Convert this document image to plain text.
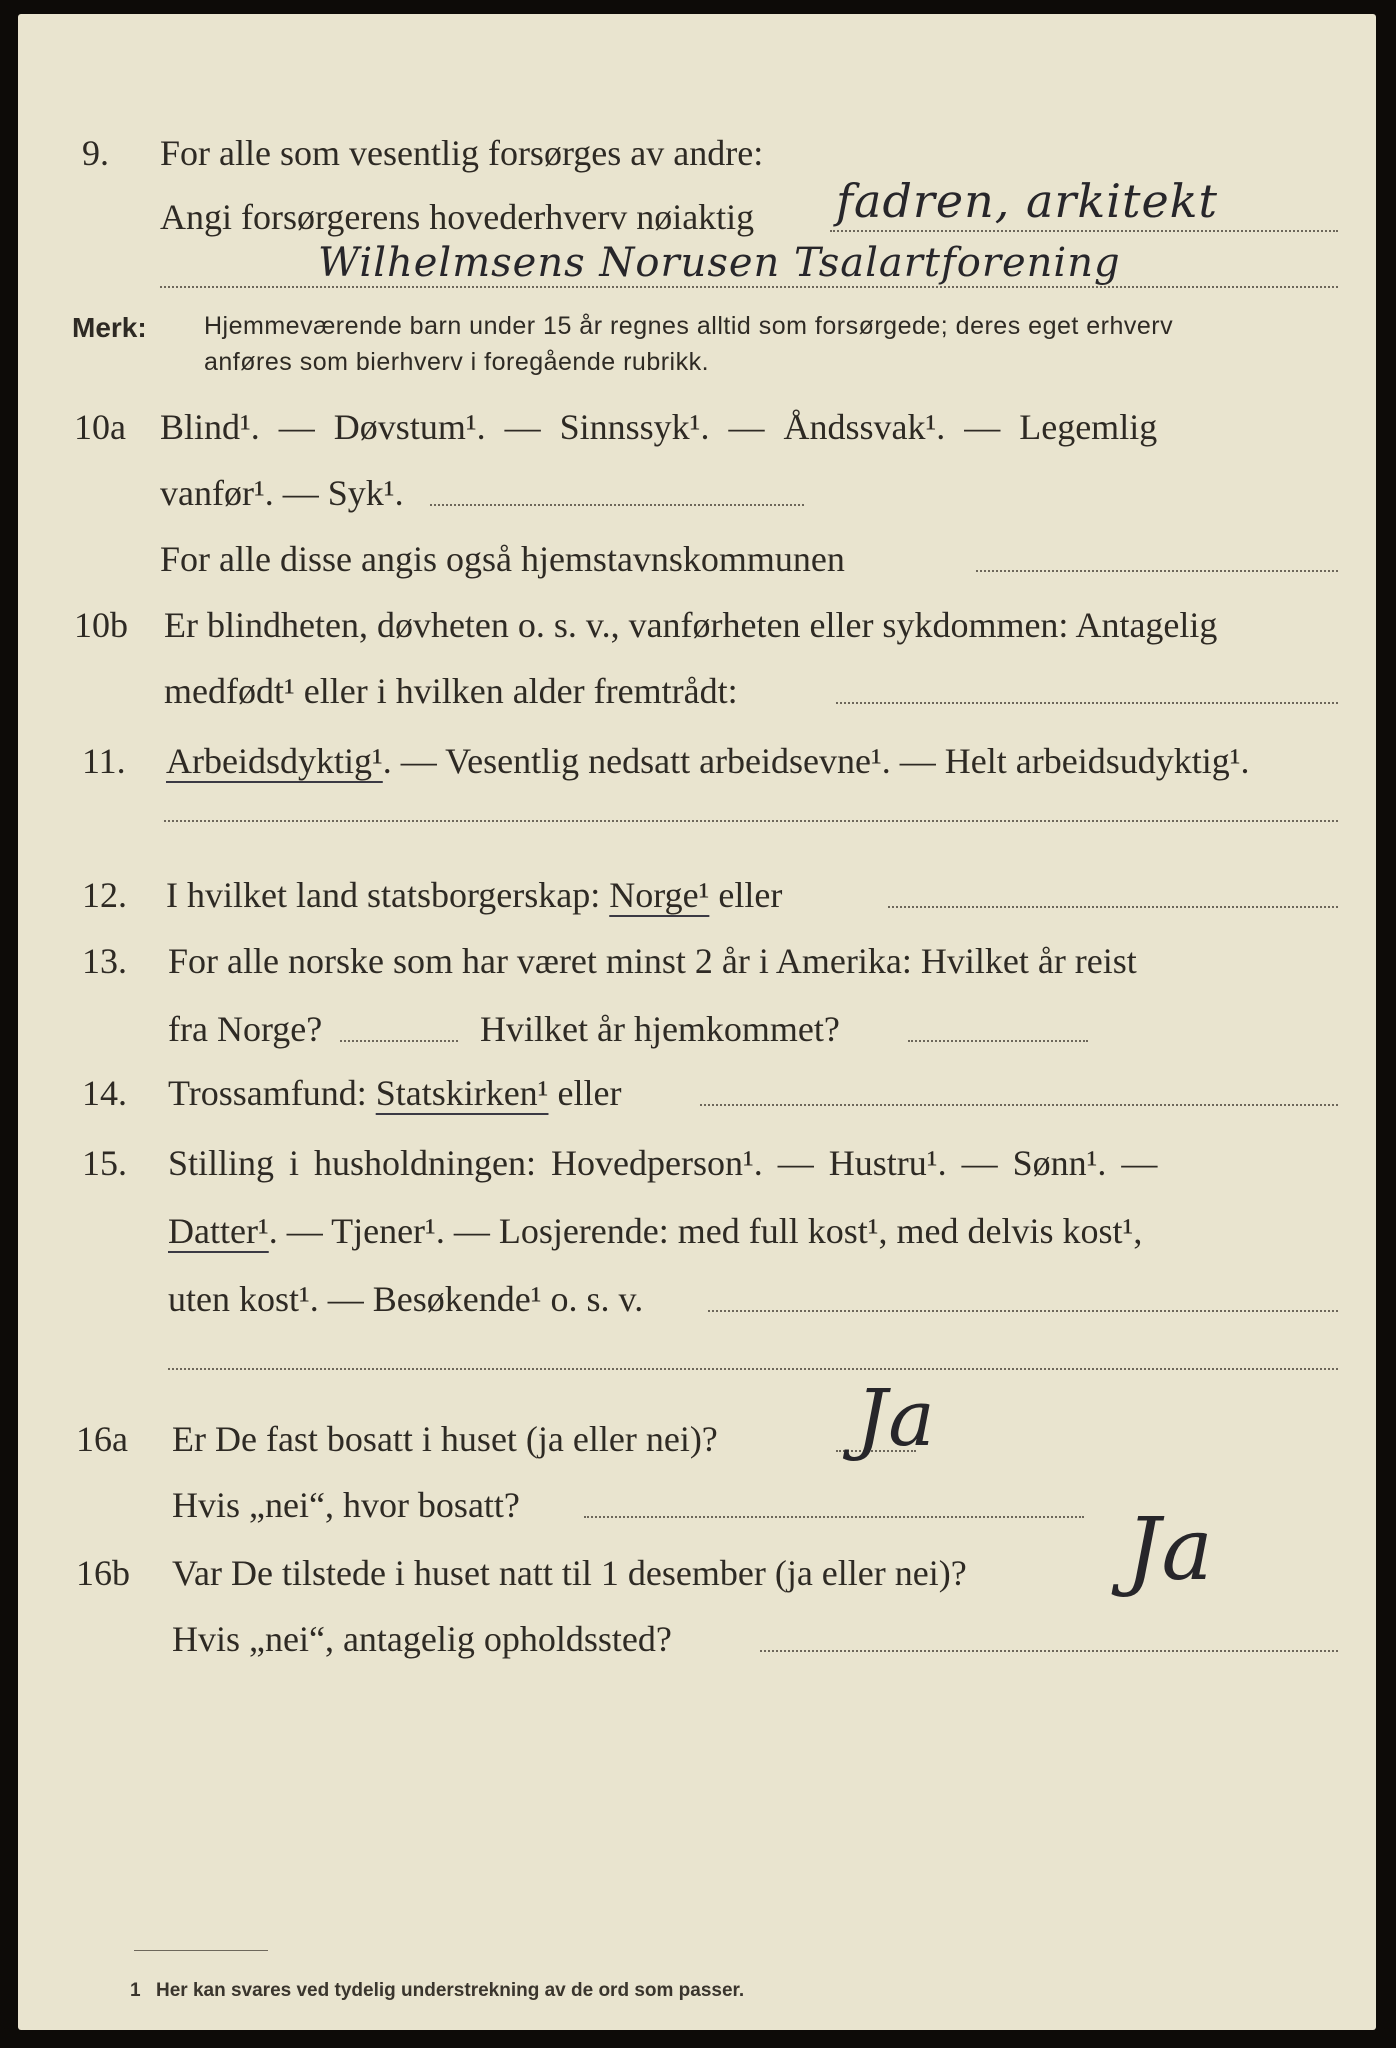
9. For alle som vesentlig forsørges av andre:
Angi forsørgerens hovederhverv nøiaktig fadren, arkitekt
Wilhelmsens Norusen Tsalartforening
Merk: Hjemmeværende barn under 15 år regnes alltid som forsørgede; deres eget erhverv
anføres som bierhverv i foregående rubrikk.
10a Blind¹. — Døvstum¹. — Sinnssyk¹. — Åndssvak¹. — Legemlig
vanfør¹. — Syk¹.
For alle disse angis også hjemstavnskommunen
10b Er blindheten, døvheten o. s. v., vanførheten eller sykdommen: Antagelig
medfødt¹ eller i hvilken alder fremtrådt:
11. Arbeidsdyktig¹. — Vesentlig nedsatt arbeidsevne¹. — Helt arbeidsudyktig¹.
12. I hvilket land statsborgerskap: Norge¹ eller
13. For alle norske som har været minst 2 år i Amerika: Hvilket år reist
fra Norge?	Hvilket år hjemkommet?
14. Trossamfund: Statskirken¹ eller
15. Stilling i husholdningen: Hovedperson¹. — Hustru¹. — Sønn¹. —
Datter¹. — Tjener¹. — Losjerende: med full kost¹, med delvis kost¹,
uten kost¹. — Besøkende¹ o. s. v.
16a Er De fast bosatt i huset (ja eller nei)? Ja
Hvis „nei“, hvor bosatt?
16b Var De tilstede i huset natt til 1 desember (ja eller nei)? Ja
Hvis „nei“, antagelig opholdssted?
1 Her kan svares ved tydelig understrekning av de ord som passer.
